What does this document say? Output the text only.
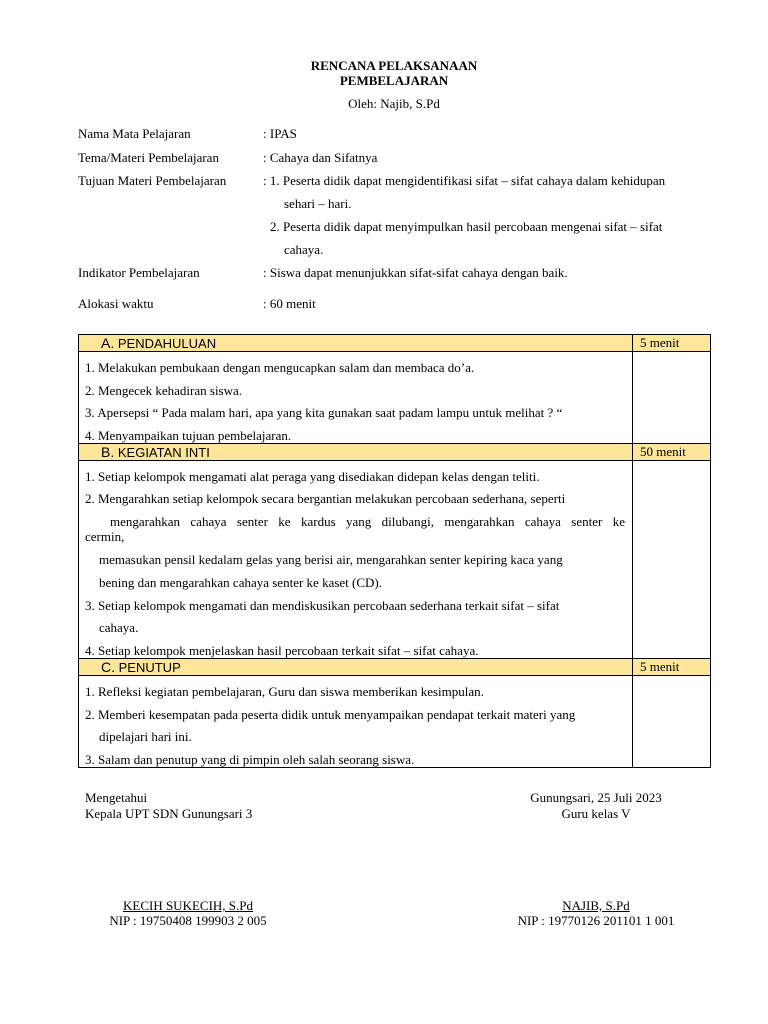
RENCANA PELAKSANAAN
PEMBELAJARAN
Oleh: Najib, S.Pd
Nama Mata Pelajaran	: IPAS
Tema/Materi Pembelajaran	: Cahaya dan Sifatnya
Tujuan Materi Pembelajaran	: 1. Peserta didik dapat mengidentifikasi sifat – sifat cahaya dalam kehidupan
sehari – hari.
2. Peserta didik dapat menyimpulkan hasil percobaan mengenai sifat – sifat
cahaya.
Indikator Pembelajaran	: Siswa dapat menunjukkan sifat-sifat cahaya dengan baik.
Alokasi waktu	: 60 menit
A. PENDAHULUAN	5 menit
1. Melakukan pembukaan dengan mengucapkan salam dan membaca do’a.
2. Mengecek kehadiran siswa.
3. Apersepsi “ Pada malam hari, apa yang kita gunakan saat padam lampu untuk melihat ? “
4. Menyampaikan tujuan pembelajaran.
B. KEGIATAN INTI	50 menit
1. Setiap kelompok mengamati alat peraga yang disediakan didepan kelas dengan teliti.
2. Mengarahkan setiap kelompok secara bergantian melakukan percobaan sederhana, seperti
mengarahkan cahaya senter ke kardus yang dilubangi, mengarahkan cahaya senter ke
cermin,
memasukan pensil kedalam gelas yang berisi air, mengarahkan senter kepiring kaca yang
bening dan mengarahkan cahaya senter ke kaset (CD).
3. Setiap kelompok mengamati dan mendiskusikan percobaan sederhana terkait sifat – sifat
cahaya.
4. Setiap kelompok menjelaskan hasil percobaan terkait sifat – sifat cahaya.
C. PENUTUP	5 menit
1. Refleksi kegiatan pembelajaran, Guru dan siswa memberikan kesimpulan.
2. Memberi kesempatan pada peserta didik untuk menyampaikan pendapat terkait materi yang
dipelajari hari ini.
3. Salam dan penutup yang di pimpin oleh salah seorang siswa.
Mengetahui
Kepala UPT SDN Gunungsari 3
KECIH SUKECIH, S.Pd
NIP : 19750408 199903 2 005
Gunungsari, 25 Juli 2023
Guru kelas V
NAJIB, S.Pd
NIP : 19770126 201101 1 001
